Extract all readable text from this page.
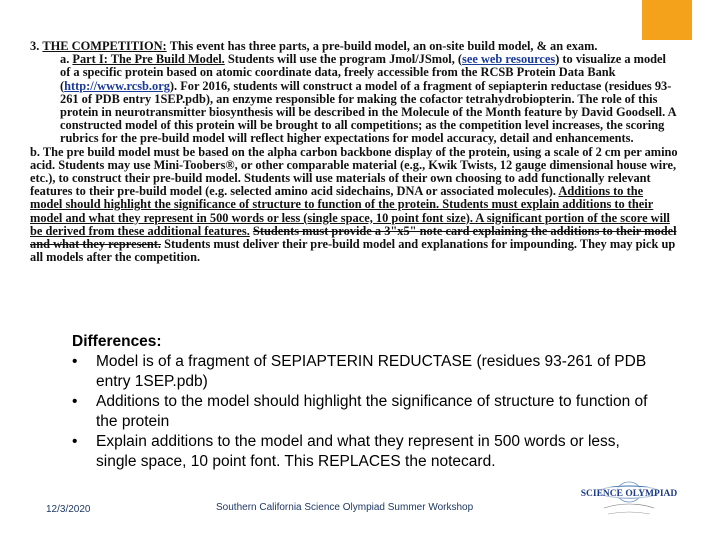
3. THE COMPETITION: This event has three parts, a pre-build model, an on-site build model, & an exam.

a. Part I: The Pre Build Model. Students will use the program Jmol/JSmol, (see web resources) to visualize a model of a specific protein based on atomic coordinate data, freely accessible from the RCSB Protein Data Bank (http://www.rcsb.org). For 2016, students will construct a model of a fragment of sepiapterin reductase (residues 93-261 of PDB entry 1SEP.pdb), an enzyme responsible for making the cofactor tetrahydrobiopterin. The role of this protein in neurotransmitter biosynthesis will be described in the Molecule of the Month feature by David Goodsell. A constructed model of this protein will be brought to all competitions; as the competition level increases, the scoring rubrics for the pre-build model will reflect higher expectations for model accuracy, detail and enhancements.

b. The pre build model must be based on the alpha carbon backbone display of the protein, using a scale of 2 cm per amino acid. Students may use Mini-Toobers®, or other comparable material (e.g., Kwik Twists, 12 gauge dimensional house wire, etc.), to construct their pre-build model. Students will use materials of their own choosing to add functionally relevant features to their pre-build model (e.g. selected amino acid sidechains, DNA or associated molecules). Additions to the model should highlight the significance of structure to function of the protein. Students must explain additions to their model and what they represent in 500 words or less (single space, 10 point font size). A significant portion of the score will be derived from these additional features. Students must provide a 3"x5" note card explaining the additions to their model and what they represent. Students must deliver their pre-build model and explanations for impounding. They may pick up all models after the competition.

Differences:
• Model is of a fragment of SEPIAPTERIN REDUCTASE (residues 93-261 of PDB entry 1SEP.pdb)
• Additions to the model should highlight the significance of structure to function of the protein
• Explain additions to the model and what they represent in 500 words or less, single space, 10 point font. This REPLACES the notecard.
12/3/2020	Southern California Science Olympiad Summer Workshop
SCIENCE OLYMPIAD
